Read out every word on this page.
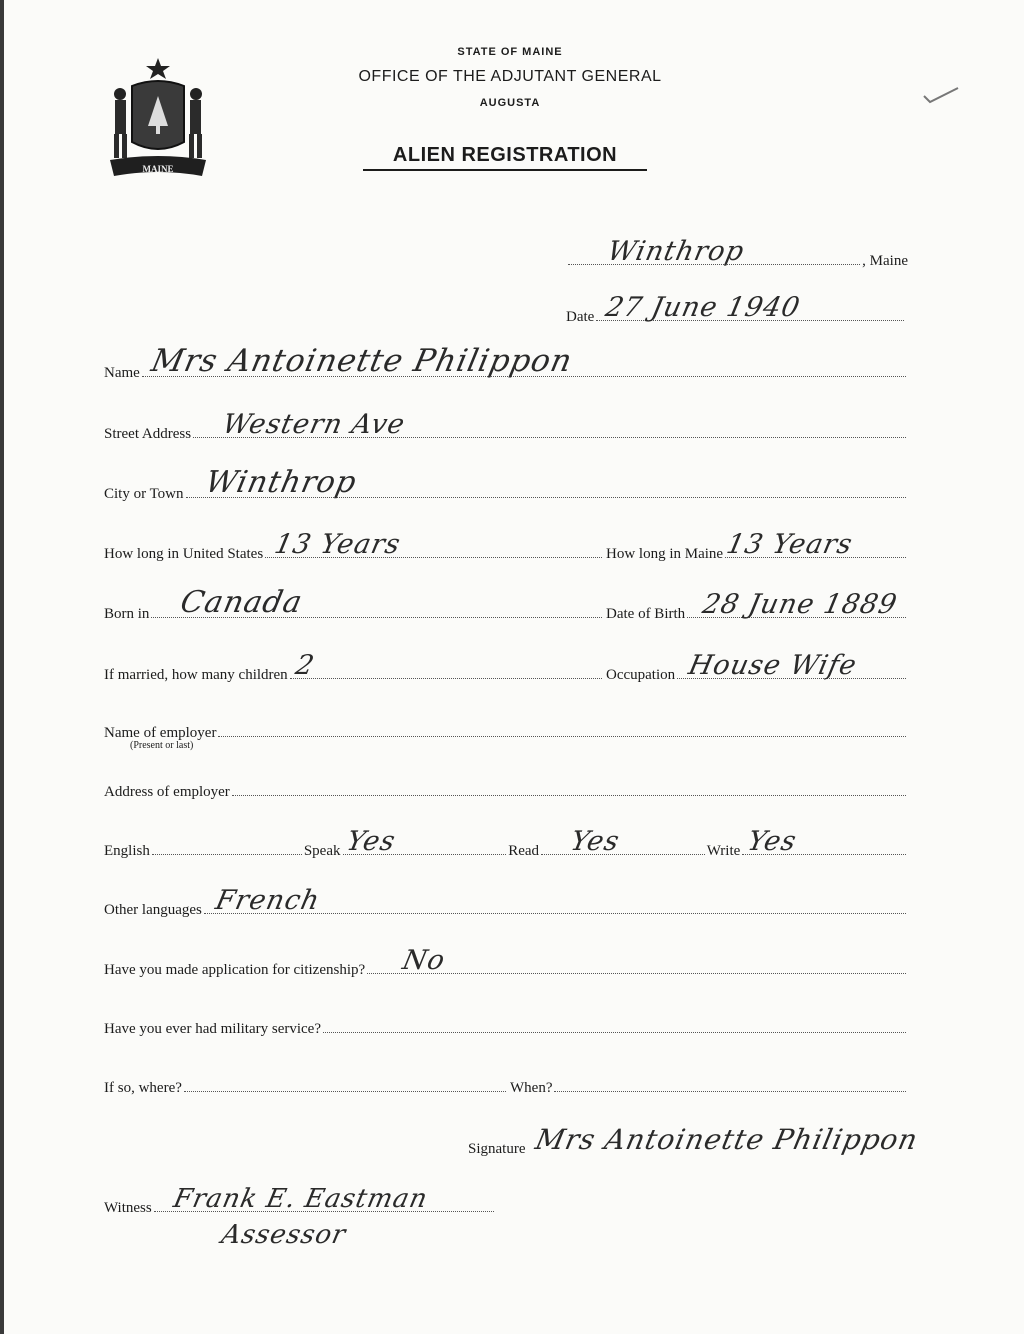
MAINE
STATE OF MAINE
OFFICE OF THE ADJUTANT GENERAL
AUGUSTA
ALIEN REGISTRATION
Winthrop	, Maine
Date 27 June 1940
Name Mrs Antoinette Philippon
Street Address Western Ave
City or Town Winthrop
How long in United States 13 Years	How long in Maine 13 Years
Born in Canada	Date of Birth 28 June 1889
If married, how many children 2	Occupation House Wife
Name of employer
(Present or last)
Address of employer
English	Speak Yes	Read Yes	Write Yes
Other languages French
Have you made application for citizenship? No
Have you ever had military service?
If so, where?	When?
Signature Mrs Antoinette Philippon
Witness Frank E. Eastman
Assessor
